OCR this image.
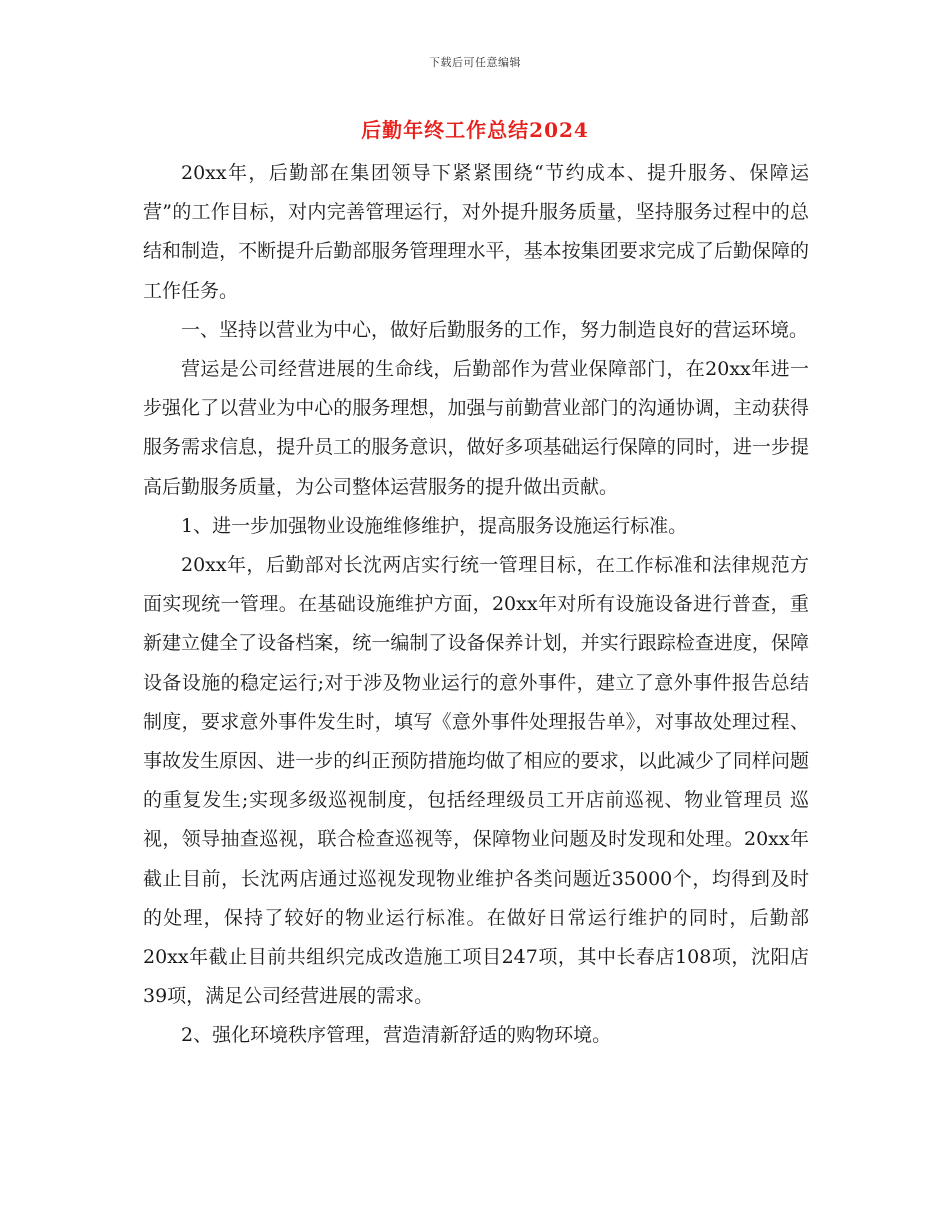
下载后可任意编辑
后勤年终工作总结2024

20xx年，后勤部在集团领导下紧紧围绕“节约成本、提升服务、保障运营”的工作目标，对内完善管理运行，对外提升服务质量，坚持服务过程中的总结和制造，不断提升后勤部服务管理理水平，基本按集团要求完成了后勤保障的工作任务。

一、坚持以营业为中心，做好后勤服务的工作，努力制造良好的营运环境。

营运是公司经营进展的生命线，后勤部作为营业保障部门，在20xx年进一步强化了以营业为中心的服务理想，加强与前勤营业部门的沟通协调，主动获得服务需求信息，提升员工的服务意识，做好多项基础运行保障的同时，进一步提高后勤服务质量，为公司整体运营服务的提升做出贡献。

1、进一步加强物业设施维修维护，提高服务设施运行标准。

20xx年，后勤部对长沈两店实行统一管理目标，在工作标准和法律规范方面实现统一管理。在基础设施维护方面，20xx年对所有设施设备进行普查，重新建立健全了设备档案，统一编制了设备保养计划，并实行跟踪检查进度，保障设备设施的稳定运行;对于涉及物业运行的意外事件，建立了意外事件报告总结制度，要求意外事件发生时，填写《意外事件处理报告单》，对事故处理过程、事故发生原因、进一步的纠正预防措施均做了相应的要求，以此减少了同样问题的重复发生;实现多级巡视制度，包括经理级员工开店前巡视、物业管理员 巡视，领导抽查巡视，联合检查巡视等，保障物业问题及时发现和处理。20xx年截止目前，长沈两店通过巡视发现物业维护各类问题近35000个，均得到及时的处理，保持了较好的物业运行标准。在做好日常运行维护的同时，后勤部20xx年截止目前共组织完成改造施工项目247项，其中长春店108项，沈阳店39项，满足公司经营进展的需求。

2、强化环境秩序管理，营造清新舒适的购物环境。
